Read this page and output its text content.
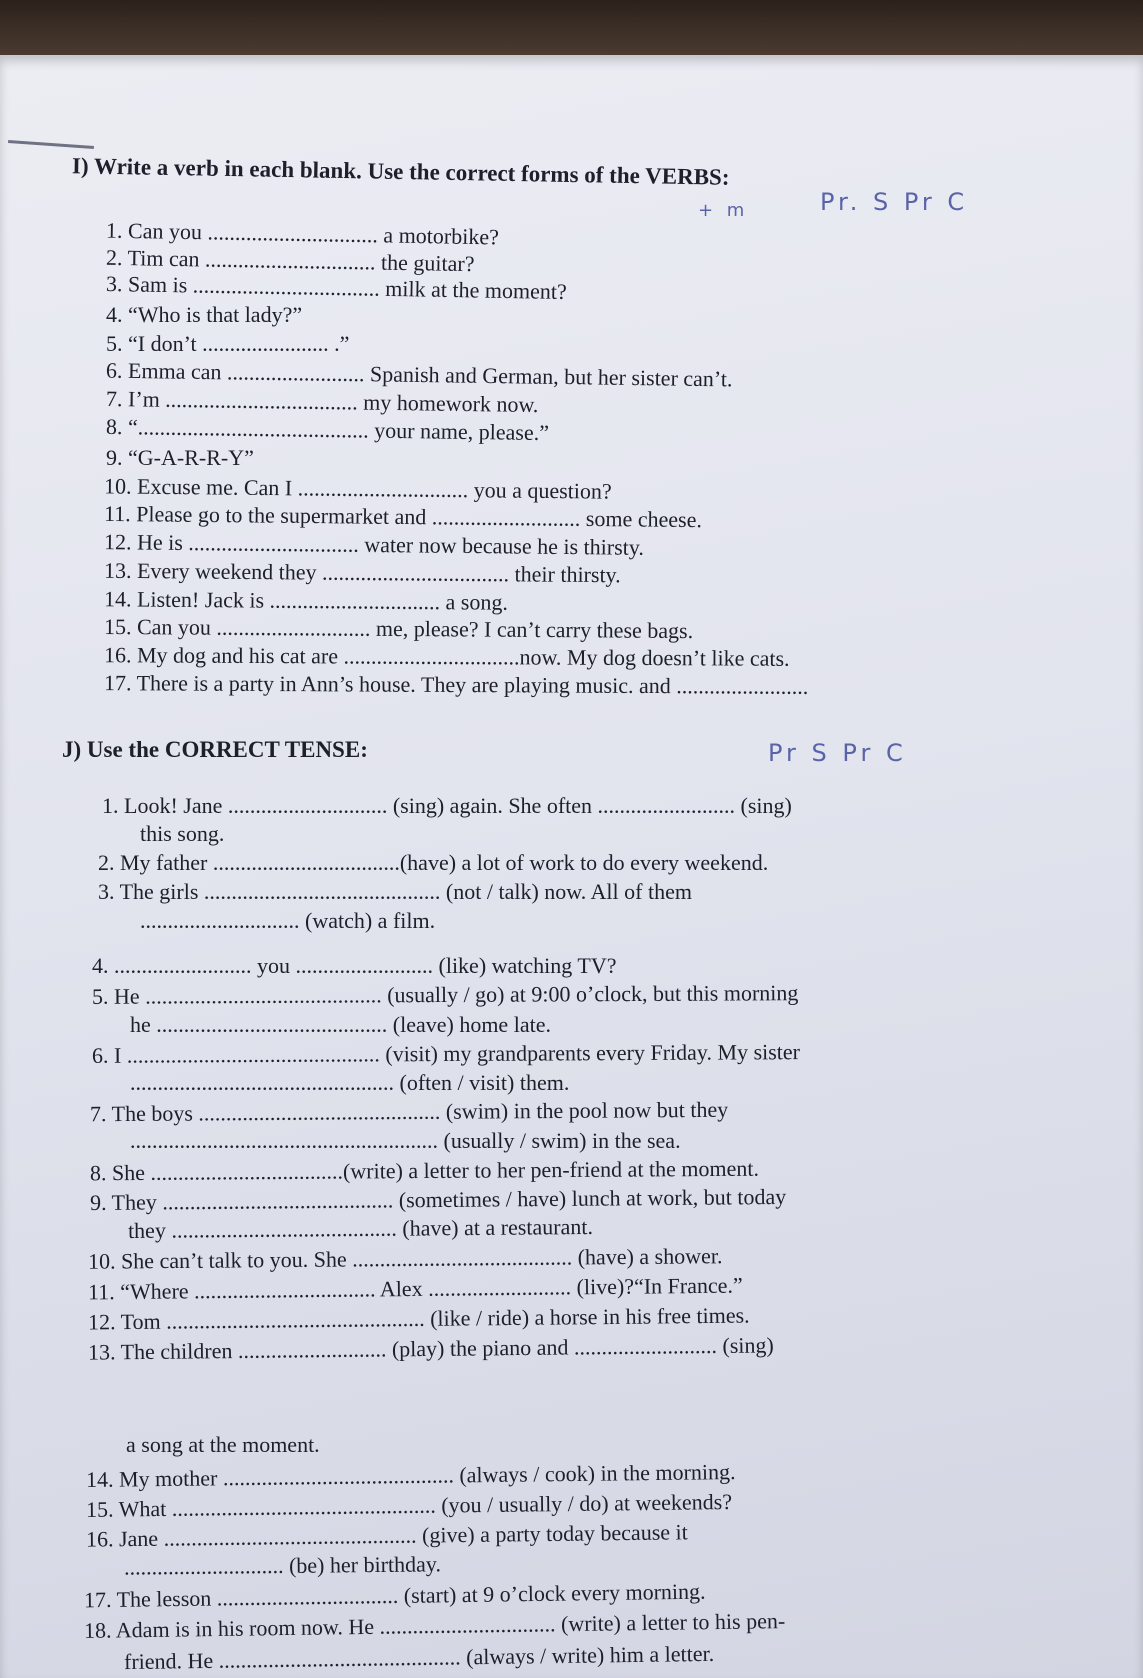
I) Write a verb in each blank. Use the correct forms of the VERBS:
Pr. S Pr C
+ m
1. Can you ............................... a motorbike?
2. Tim can ............................... the guitar?
3. Sam is .................................. milk at the moment?
4. “Who is that lady?”
5. “I don’t ....................... .”
6. Emma can ......................... Spanish and German, but her sister can’t.
7. I’m ................................... my homework now.
8. “.......................................... your name, please.”
9. “G-A-R-R-Y”
10. Excuse me. Can I ............................... you a question?
11. Please go to the supermarket and ........................... some cheese.
12. He is ............................... water now because he is thirsty.
13. Every weekend they .................................. their thirsty.
14. Listen! Jack is ............................... a song.
15. Can you ............................ me, please? I can’t carry these bags.
16. My dog and his cat are ................................now. My dog doesn’t like cats.
17. There is a party in Ann’s house. They are playing music. and ........................
J) Use the CORRECT TENSE:	Pr S Pr C
1. Look! Jane ............................. (sing) again. She often ......................... (sing)
this song.
2. My father ..................................(have) a lot of work to do every weekend.
3. The girls ........................................... (not / talk) now. All of them
............................. (watch) a film.
4. ......................... you ......................... (like) watching TV?
5. He ........................................... (usually / go) at 9:00 o’clock, but this morning
he .......................................... (leave) home late.
6. I .............................................. (visit) my grandparents every Friday. My sister
................................................ (often / visit) them.
7. The boys ............................................ (swim) in the pool now but they
........................................................ (usually / swim) in the sea.
8. She ...................................(write) a letter to her pen-friend at the moment.
9. They .......................................... (sometimes / have) lunch at work, but today
they ......................................... (have) at a restaurant.
10. She can’t talk to you. She ........................................ (have) a shower.
11. “Where ................................. Alex .......................... (live)?“In France.”
12. Tom ............................................... (like / ride) a horse in his free times.
13. The children ........................... (play) the piano and .......................... (sing)
a song at the moment.
14. My mother .......................................... (always / cook) in the morning.
15. What ................................................ (you / usually / do) at weekends?
16. Jane .............................................. (give) a party today because it
............................. (be) her birthday.
17. The lesson ................................. (start) at 9 o’clock every morning.
18. Adam is in his room now. He ................................ (write) a letter to his pen-
friend. He ............................................ (always / write) him a letter.
